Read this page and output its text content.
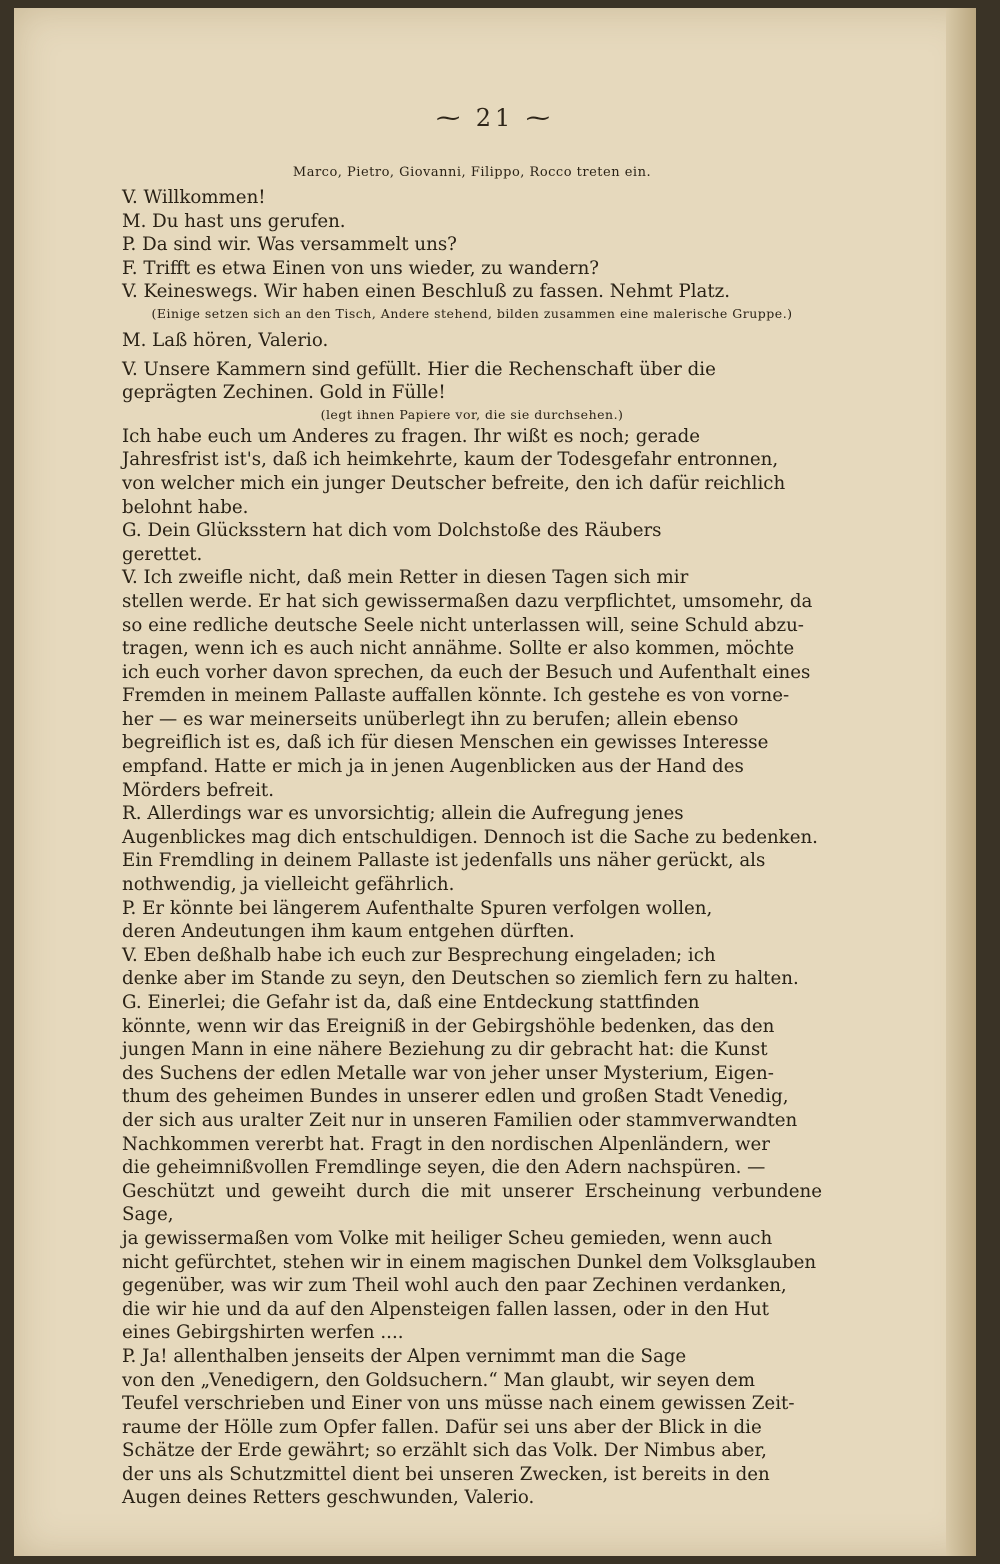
⁓ 21 ⁓

Marco, Pietro, Giovanni, Filippo, Rocco treten ein.

V. Willkommen!

M. Du hast uns gerufen.

P. Da sind wir. Was versammelt uns?

F. Trifft es etwa Einen von uns wieder, zu wandern?

V. Keineswegs. Wir haben einen Beschluß zu fassen. Nehmt Platz.

(Einige setzen sich an den Tisch, Andere stehend, bilden zusammen eine malerische Gruppe.)

M. Laß hören, Valerio.

V. Unsere Kammern sind gefüllt. Hier die Rechenschaft über die

geprägten Zechinen. Gold in Fülle!

(legt ihnen Papiere vor, die sie durchsehen.)

Ich habe euch um Anderes zu fragen. Ihr wißt es noch; gerade

Jahresfrist ist's, daß ich heimkehrte, kaum der Todesgefahr entronnen,

von welcher mich ein junger Deutscher befreite, den ich dafür reichlich

belohnt habe.

G. Dein Glücksstern hat dich vom Dolchstoße des Räubers

gerettet.

V. Ich zweifle nicht, daß mein Retter in diesen Tagen sich mir

stellen werde. Er hat sich gewissermaßen dazu verpflichtet, umsomehr, da

so eine redliche deutsche Seele nicht unterlassen will, seine Schuld abzu-

tragen, wenn ich es auch nicht annähme. Sollte er also kommen, möchte

ich euch vorher davon sprechen, da euch der Besuch und Aufenthalt eines

Fremden in meinem Pallaste auffallen könnte. Ich gestehe es von vorne-

her — es war meinerseits unüberlegt ihn zu berufen; allein ebenso

begreiflich ist es, daß ich für diesen Menschen ein gewisses Interesse

empfand. Hatte er mich ja in jenen Augenblicken aus der Hand des

Mörders befreit.

R. Allerdings war es unvorsichtig; allein die Aufregung jenes

Augenblickes mag dich entschuldigen. Dennoch ist die Sache zu bedenken.

Ein Fremdling in deinem Pallaste ist jedenfalls uns näher gerückt, als

nothwendig, ja vielleicht gefährlich.

P. Er könnte bei längerem Aufenthalte Spuren verfolgen wollen,

deren Andeutungen ihm kaum entgehen dürften.

V. Eben deßhalb habe ich euch zur Besprechung eingeladen; ich

denke aber im Stande zu seyn, den Deutschen so ziemlich fern zu halten.

G. Einerlei; die Gefahr ist da, daß eine Entdeckung stattfinden

könnte, wenn wir das Ereigniß in der Gebirgshöhle bedenken, das den

jungen Mann in eine nähere Beziehung zu dir gebracht hat: die Kunst

des Suchens der edlen Metalle war von jeher unser Mysterium, Eigen-

thum des geheimen Bundes in unserer edlen und großen Stadt Venedig,

der sich aus uralter Zeit nur in unseren Familien oder stammverwandten

Nachkommen vererbt hat. Fragt in den nordischen Alpenländern, wer

die geheimnißvollen Fremdlinge seyen, die den Adern nachspüren. —

Geschützt und geweiht durch die mit unserer Erscheinung verbundene Sage,

ja gewissermaßen vom Volke mit heiliger Scheu gemieden, wenn auch

nicht gefürchtet, stehen wir in einem magischen Dunkel dem Volksglauben

gegenüber, was wir zum Theil wohl auch den paar Zechinen verdanken,

die wir hie und da auf den Alpensteigen fallen lassen, oder in den Hut

eines Gebirgshirten werfen ....

P. Ja! allenthalben jenseits der Alpen vernimmt man die Sage

von den „Venedigern, den Goldsuchern.“ Man glaubt, wir seyen dem

Teufel verschrieben und Einer von uns müsse nach einem gewissen Zeit-

raume der Hölle zum Opfer fallen. Dafür sei uns aber der Blick in die

Schätze der Erde gewährt; so erzählt sich das Volk. Der Nimbus aber,

der uns als Schutzmittel dient bei unseren Zwecken, ist bereits in den

Augen deines Retters geschwunden, Valerio.
